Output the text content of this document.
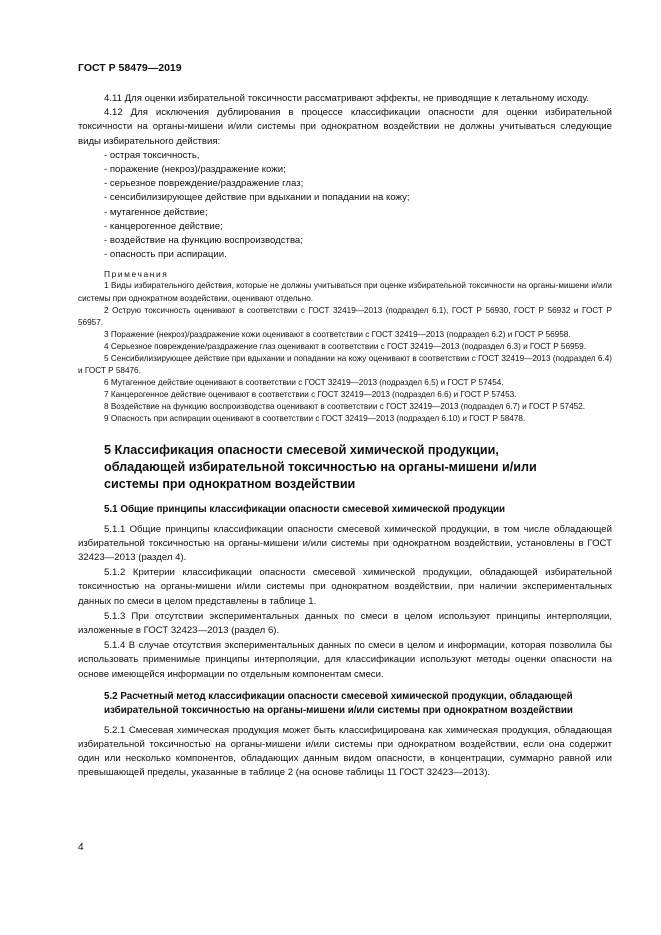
ГОСТ Р 58479—2019

4.11 Для оценки избирательной токсичности рассматривают эффекты, не приводящие к летальному исходу.

4.12 Для исключения дублирования в процессе классификации опасности для оценки избирательной токсичности на органы-мишени и/или системы при однократном воздействии не должны учитываться следующие виды избирательного действия:

- острая токсичность,

- поражение (некроз)/раздражение кожи;

- серьезное повреждение/раздражение глаз;

- сенсибилизирующее действие при вдыхании и попадании на кожу;

- мутагенное действие;

- канцерогенное действие;

- воздействие на функцию воспроизводства;

- опасность при аспирации.

Примечания

1 Виды избирательного действия, которые не должны учитываться при оценке избирательной токсичности на органы-мишени и/или системы при однократном воздействии, оценивают отдельно.

2 Острую токсичность оценивают в соответствии с ГОСТ 32419—2013 (подраздел 6.1), ГОСТ Р 56930, ГОСТ Р 56932 и ГОСТ Р 56957.

3 Поражение (некроз)/раздражение кожи оценивают в соответствии с ГОСТ 32419—2013 (подраздел 6.2) и ГОСТ Р 56958.

4 Серьезное повреждение/раздражение глаз оценивают в соответствии с ГОСТ 32419—2013 (подраздел 6.3) и ГОСТ Р 56959.

5 Сенсибилизирующее действие при вдыхании и попадании на кожу оценивают в соответствии с ГОСТ 32419—2013 (подраздел 6.4) и ГОСТ Р 58476.

6 Мутагенное действие оценивают в соответствии с ГОСТ 32419—2013 (подраздел 6.5) и ГОСТ Р 57454.

7 Канцерогенное действие оценивают в соответствии с ГОСТ 32419—2013 (подраздел 6.6) и ГОСТ Р 57453.

8 Воздействие на функцию воспроизводства оценивают в соответствии с ГОСТ 32419—2013 (подраздел 6.7) и ГОСТ Р 57452.

9 Опасность при аспирации оценивают в соответствии с ГОСТ 32419—2013 (подраздел 6.10) и ГОСТ Р 58478.

5 Классификация опасности смесевой химической продукции, обладающей избирательной токсичностью на органы-мишени и/или системы при однократном воздействии

5.1 Общие принципы классификации опасности смесевой химической продукции

5.1.1 Общие принципы классификации опасности смесевой химической продукции, в том числе обладающей избирательной токсичностью на органы-мишени и/или системы при однократном воздействии, установлены в ГОСТ 32423—2013 (раздел 4).

5.1.2 Критерии классификации опасности смесевой химической продукции, обладающей избирательной токсичностью на органы-мишени и/или системы при однократном воздействии, при наличии экспериментальных данных по смеси в целом представлены в таблице 1.

5.1.3 При отсутствии экспериментальных данных по смеси в целом используют принципы интерполяции, изложенные в ГОСТ 32423—2013 (раздел 6).

5.1.4 В случае отсутствия экспериментальных данных по смеси в целом и информации, которая позволила бы использовать применимые принципы интерполяции, для классификации используют методы оценки опасности на основе имеющейся информации по отдельным компонентам смеси.

5.2 Расчетный метод классификации опасности смесевой химической продукции, обладающей избирательной токсичностью на органы-мишени и/или системы при однократном воздействии

5.2.1 Смесевая химическая продукция может быть классифицирована как химическая продукция, обладающая избирательной токсичностью на органы-мишени и/или системы при однократном воздействии, если она содержит один или несколько компонентов, обладающих данным видом опасности, в концентрации, суммарно равной или превышающей пределы, указанные в таблице 2 (на основе таблицы 11 ГОСТ 32423—2013).

4
